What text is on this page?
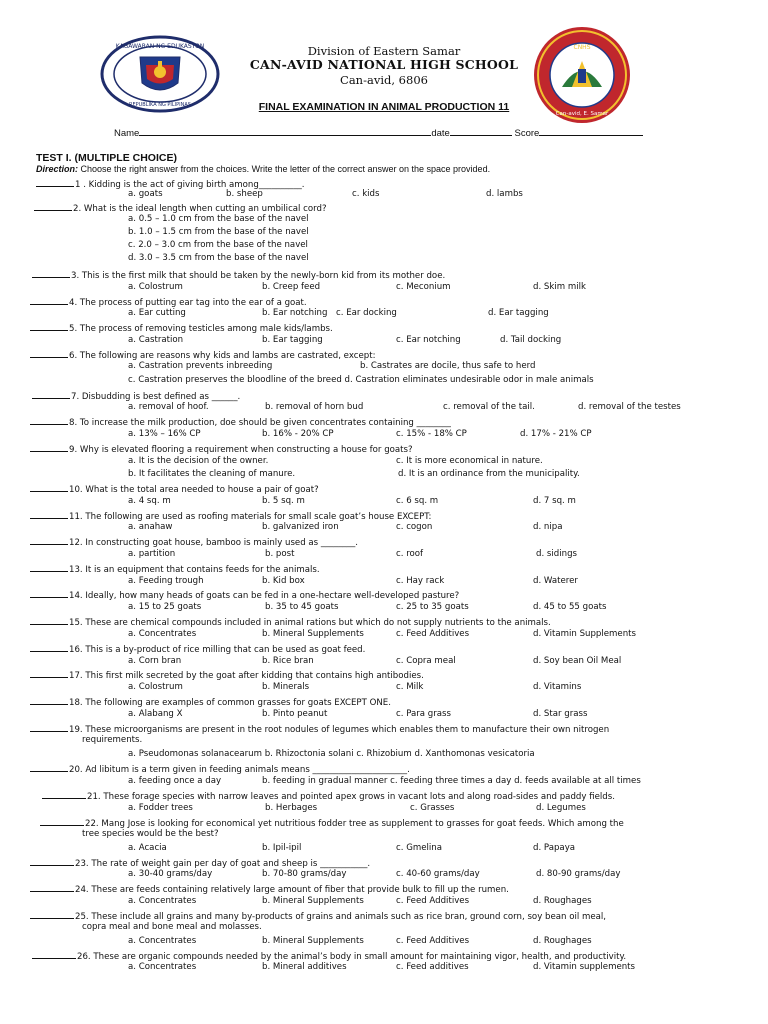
KAGAWARAN NG EDUKASYON
REPUBLIKA NG PILIPINAS
CNHS
Can-avid, E. Samar
Division of Eastern Samar
CAN-AVID NATIONAL HIGH SCHOOL
Can-avid, 6806
FINAL EXAMINATION IN ANIMAL PRODUCTION 11
Name	date	Score
TEST I. (MULTIPLE CHOICE)
Direction: Choose the right answer from the choices. Write the letter of the correct answer on the space provided.
1 . Kidding is the act of giving birth among__________.
a. goats	b. sheep	c. kids	d. lambs
2. What is the ideal length when cutting an umbilical cord?
a. 0.5 – 1.0 cm from the base of the navel
b. 1.0 – 1.5 cm from the base of the navel
c. 2.0 – 3.0 cm from the base of the navel
d. 3.0 – 3.5 cm from the base of the navel
3. This is the first milk that should be taken by the newly-born kid from its mother doe.
a. Colostrum	b. Creep feed	c. Meconium	d. Skim milk
4. The process of putting ear tag into the ear of a goat.
a. Ear cutting	b. Ear notching c. Ear docking	d. Ear tagging
5. The process of removing testicles among male kids/lambs.
a. Castration	b. Ear tagging	c. Ear notching	d. Tail docking
6. The following are reasons why kids and lambs are castrated, except:
a. Castration prevents inbreeding	b. Castrates are docile, thus safe to herd
c. Castration preserves the bloodline of the breed d. Castration eliminates undesirable odor in male animals
7. Disbudding is best defined as ______.
a. removal of hoof.	b. removal of horn bud	c. removal of the tail.	d. removal of the testes
8. To increase the milk production, doe should be given concentrates containing ________
a. 13% – 16% CP	b. 16% - 20% CP	c. 15% - 18% CP	d. 17% - 21% CP
9. Why is elevated flooring a requirement when constructing a house for goats?
a. It is the decision of the owner.	c. It is more economical in nature.
b. It facilitates the cleaning of manure.	d. It is an ordinance from the municipality.
10. What is the total area needed to house a pair of goat?
a. 4 sq. m	b. 5 sq. m	c. 6 sq. m	d. 7 sq. m
11. The following are used as roofing materials for small scale goat’s house EXCEPT:
a. anahaw	b. galvanized iron	c. cogon	d. nipa
12. In constructing goat house, bamboo is mainly used as ________.
a. partition	b. post	c. roof	d. sidings
13. It is an equipment that contains feeds for the animals.
a. Feeding trough	b. Kid box	c. Hay rack	d. Waterer
14. Ideally, how many heads of goats can be fed in a one-hectare well-developed pasture?
a. 15 to 25 goats	b. 35 to 45 goats	c. 25 to 35 goats	d. 45 to 55 goats
15. These are chemical compounds included in animal rations but which do not supply nutrients to the animals.
a. Concentrates	b. Mineral Supplements	c. Feed Additives	d. Vitamin Supplements
16. This is a by-product of rice milling that can be used as goat feed.
a. Corn bran	b. Rice bran	c. Copra meal	d. Soy bean Oil Meal
17. This first milk secreted by the goat after kidding that contains high antibodies.
a. Colostrum	b. Minerals	c. Milk	d. Vitamins
18. The following are examples of common grasses for goats EXCEPT ONE.
a. Alabang X	b. Pinto peanut	c. Para grass	d. Star grass
19. These microorganisms are present in the root nodules of legumes which enables them to manufacture their own nitrogen
requirements.
a. Pseudomonas solanacearum b. Rhizoctonia solani c. Rhizobium d. Xanthomonas vesicatoria
20. Ad libitum is a term given in feeding animals means ______________________.
a. feeding once a day	b. feeding in gradual manner c. feeding three times a day d. feeds available at all times
21. These forage species with narrow leaves and pointed apex grows in vacant lots and along road-sides and paddy fields.
a. Fodder trees	b. Herbages	c. Grasses	d. Legumes
22. Mang Jose is looking for economical yet nutritious fodder tree as supplement to grasses for goat feeds. Which among the
tree species would be the best?
a. Acacia	b. Ipil-ipil	c. Gmelina	d. Papaya
23. The rate of weight gain per day of goat and sheep is ___________.
a. 30-40 grams/day	b. 70-80 grams/day	c. 40-60 grams/day	d. 80-90 grams/day
24. These are feeds containing relatively large amount of fiber that provide bulk to fill up the rumen.
a. Concentrates	b. Mineral Supplements	c. Feed Additives	d. Roughages
25. These include all grains and many by-products of grains and animals such as rice bran, ground corn, soy bean oil meal,
copra meal and bone meal and molasses.
a. Concentrates	b. Mineral Supplements	c. Feed Additives	d. Roughages
26. These are organic compounds needed by the animal’s body in small amount for maintaining vigor, health, and productivity.
a. Concentrates	b. Mineral additives	c. Feed additives	d. Vitamin supplements
